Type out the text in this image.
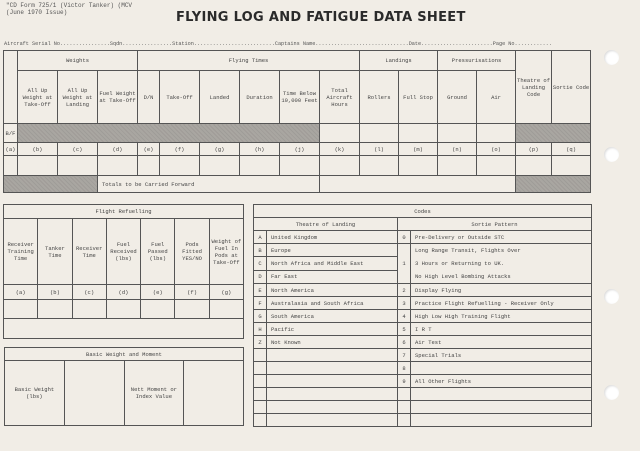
"CD Form 725/1 (Victor Tanker) (MCV
(June 1970 Issue)	FLYING LOG AND FATIGUE DATA SHEET
Aircraft Serial No................Sqdn................Station..........................Captains Name..............................Date.......................Page No............
	Weights			Flying Times						Landings		Pressurisations		Theatre of Landing Code	Sortie Code
	All Up Weight at Take-Off	All Up Weight at Landing	Fuel Weight at Take-Off	D/N	Take-Off	Landed	Duration	Time Below 10,000 Feet	Total Aircraft Hours	Rollers	Full Stop	Ground	Air		
B/F															
(a)	(b)	(c)	(d)	(e)	(f)	(g)	(h)	(j)	(k)	(l)	(m)	(n)	(o)	(p)	(q)

			Totals to be Carried Forward												
Flight Refuelling						
Receiver Training Time	Tanker Time	Receiver Time	Fuel Received (lbs)	Fuel Passed (lbs)	Pods Fitted YES/NO	Weight of Fuel In Pods at Take-Off
(a)	(b)	(c)	(d)	(e)	(f)	(g)

Basic Weight and Moment
Basic Weight (lbs)		Nett Moment or Index Value	
Codes			
Theatre of Landing		Sortie Pattern	
A	United Kingdom	0	Pre-Delivery or Outside STC
B	Europe	1	Long Range Transit, Flights Over
3 Hours or Returning to UK.
No High Level Bombing Attacks

C	North Africa and Middle East		
D	Far East		
E	North America	2	Display Flying
F	Australasia and South Africa	3	Practice Flight Refuelling - Receiver Only
G	South America	4	High Low High Training Flight
H	Pacific	5	I R T
Z	Not Known	6	Air Test
		7	Special Trials
		8	
		9	All Other Flights
